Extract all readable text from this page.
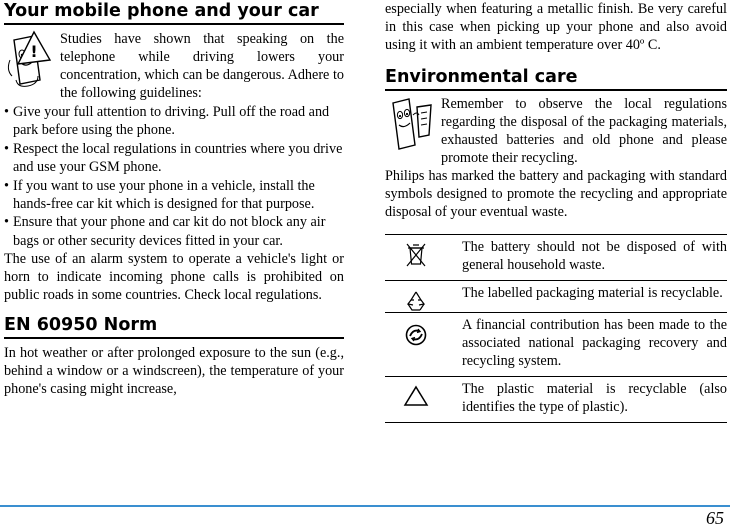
Your mobile phone and your car
!
Studies have shown that speaking on the telephone while driving lowers your concentration, which can be dangerous. Adhere to the following guidelines:
• Give your full attention to driving. Pull off the road and park before using the phone.
• Respect the local regulations in countries where you drive and use your GSM phone.
• If you want to use your phone in a vehicle, install the hands-free car kit which is designed for that purpose.
• Ensure that your phone and car kit do not block any air bags or other security devices fitted in your car.
The use of an alarm system to operate a vehicle's light or horn to indicate incoming phone calls is prohibited on public roads in some countries. Check local regulations.
EN 60950 Norm
In hot weather or after prolonged exposure to the sun (e.g., behind a window or a windscreen), the temperature of your phone's casing might increase,
especially when featuring a metallic finish. Be very careful in this case when picking up your phone and also avoid using it with an ambient temperature over 40º C.
Environmental care
Remember to observe the local regulations regarding the disposal of the packaging materials, exhausted batteries and old phone and please promote their recycling.
Philips has marked the battery and packaging with standard symbols designed to promote the recycling and appropriate disposal of your eventual waste.
The battery should not be disposed of with general household waste.
The labelled packaging material is recyclable.
A financial contribution has been made to the associated national packaging recovery and recycling system.
The plastic material is recyclable (also identifies the type of plastic).
65
